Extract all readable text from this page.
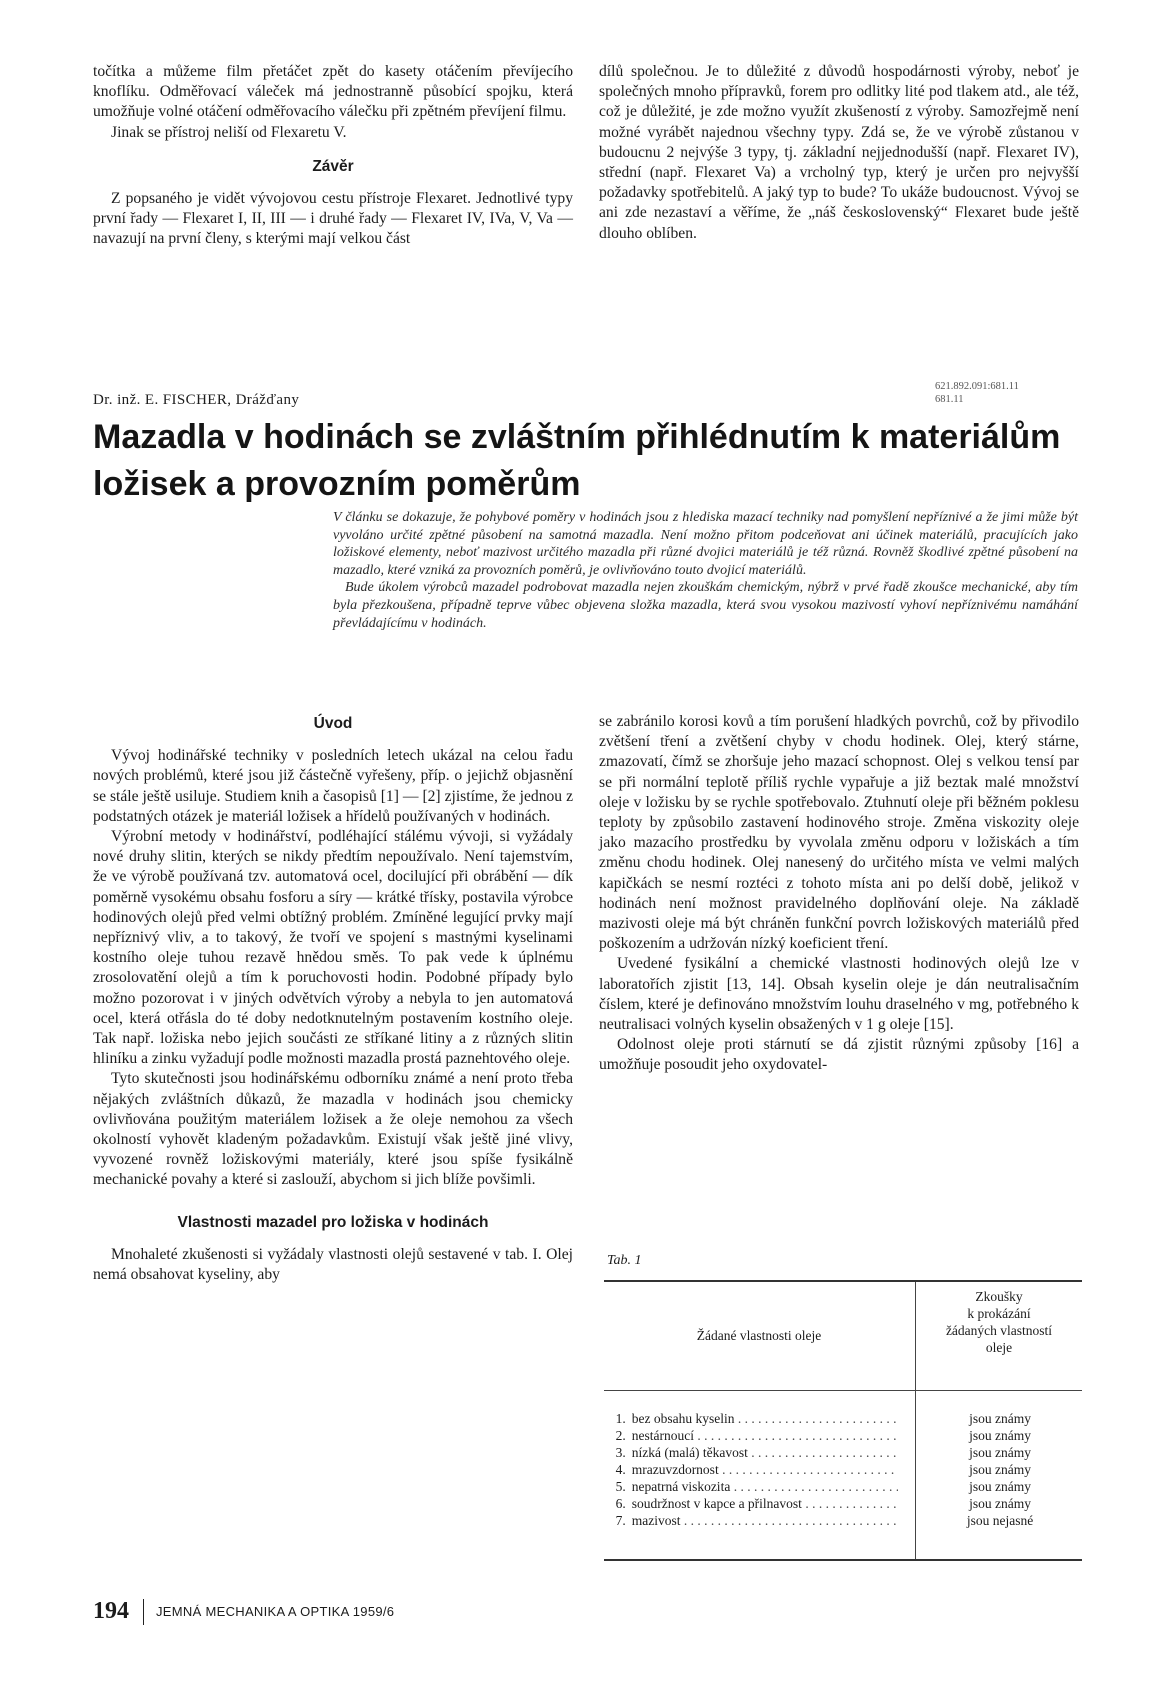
točítka a můžeme film přetáčet zpět do kasety otáčením převíjecího knoflíku. Odměřovací váleček má jednostranně působící spojku, která umožňuje volné otáčení odměřovacího válečku při zpětném převíjení filmu.

Jinak se přístroj neliší od Flexaretu V.

Závěr

Z popsaného je vidět vývojovou cestu přístroje Flexaret. Jednotlivé typy první řady — Flexaret I, II, III — i druhé řady — Flexaret IV, IVa, V, Va — navazují na první členy, s kterými mají velkou část

dílů společnou. Je to důležité z důvodů hospodárnosti výroby, neboť je společných mnoho přípravků, forem pro odlitky lité pod tlakem atd., ale též, což je důležité, je zde možno využít zkušeností z výroby. Samozřejmě není možné vyrábět najednou všechny typy. Zdá se, že ve výrobě zůstanou v budoucnu 2 nejvýše 3 typy, tj. základní nejjednodušší (např. Flexaret IV), střední (např. Flexaret Va) a vrcholný typ, který je určen pro nejvyšší požadavky spotřebitelů. A jaký typ to bude? To ukáže budoucnost. Vývoj se ani zde nezastaví a věříme, že „náš československý“ Flexaret bude ještě dlouho oblíben.

Dr. inž. E. FISCHER, Drážďany
621.892.091:681.11
681.11
Mazadla v hodinách se zvláštním přihlédnutím k materiálům ložisek a provozním poměrům

V článku se dokazuje, že pohybové poměry v hodinách jsou z hlediska mazací techniky nad pomyšlení nepříznivé a že jimi může být vyvoláno určité zpětné působení na samotná mazadla. Není možno přitom podceňovat ani účinek materiálů, pracujících jako ložiskové elementy, neboť mazivost určitého mazadla při různé dvojici materiálů je též různá. Rovněž škodlivé zpětné působení na mazadlo, které vzniká za provozních poměrů, je ovlivňováno touto dvojicí materiálů.

Bude úkolem výrobců mazadel podrobovat mazadla nejen zkouškám chemickým, nýbrž v prvé řadě zkoušce mechanické, aby tím byla přezkoušena, případně teprve vůbec objevena složka mazadla, která svou vysokou mazivostí vyhoví nepříznivému namáhání převládajícímu v hodinách.

Úvod

Vývoj hodinářské techniky v posledních letech ukázal na celou řadu nových problémů, které jsou již částečně vyřešeny, příp. o jejichž objasnění se stále ještě usiluje. Studiem knih a časopisů [1] — [2] zjistíme, že jednou z podstatných otázek je materiál ložisek a hřídelů používaných v hodinách.

Výrobní metody v hodinářství, podléhající stálému vývoji, si vyžádaly nové druhy slitin, kterých se nikdy předtím nepoužívalo. Není tajemstvím, že ve výrobě používaná tzv. automatová ocel, docilující při obrábění — dík poměrně vysokému obsahu fosforu a síry — krátké třísky, postavila výrobce hodinových olejů před velmi obtížný problém. Zmíněné legující prvky mají nepříznivý vliv, a to takový, že tvoří ve spojení s mastnými kyselinami kostního oleje tuhou rezavě hnědou směs. To pak vede k úplnému zrosolovatění olejů a tím k poruchovosti hodin. Podobné případy bylo možno pozorovat i v jiných odvětvích výroby a nebyla to jen automatová ocel, která otřásla do té doby nedotknutelným postavením kostního oleje. Tak např. ložiska nebo jejich součásti ze stříkané litiny a z různých slitin hliníku a zinku vyžadují podle možnosti mazadla prostá paznehtového oleje.

Tyto skutečnosti jsou hodinářskému odborníku známé a není proto třeba nějakých zvláštních důkazů, že mazadla v hodinách jsou chemicky ovlivňována použitým materiálem ložisek a že oleje nemohou za všech okolností vyhovět kladeným požadavkům. Existují však ještě jiné vlivy, vyvozené rovněž ložiskovými materiály, které jsou spíše fysikálně mechanické povahy a které si zaslouží, abychom si jich blíže povšimli.

Vlastnosti mazadel pro ložiska v hodinách

Mnohaleté zkušenosti si vyžádaly vlastnosti olejů sestavené v tab. I. Olej nemá obsahovat kyseliny, aby

se zabránilo korosi kovů a tím porušení hladkých povrchů, což by přivodilo zvětšení tření a zvětšení chyby v chodu hodinek. Olej, který stárne, zmazovatí, čímž se zhoršuje jeho mazací schopnost. Olej s velkou tensí par se při normální teplotě příliš rychle vypařuje a již beztak malé množství oleje v ložisku by se rychle spotřebovalo. Ztuhnutí oleje při běžném poklesu teploty by způsobilo zastavení hodinového stroje. Změna viskozity oleje jako mazacího prostředku by vyvolala změnu odporu v ložiskách a tím změnu chodu hodinek. Olej nanesený do určitého místa ve velmi malých kapičkách se nesmí roztéci z tohoto místa ani po delší době, jelikož v hodinách není možnost pravidelného doplňování oleje. Na základě mazivosti oleje má být chráněn funkční povrch ložiskových materiálů před poškozením a udržován nízký koeficient tření.

Uvedené fysikální a chemické vlastnosti hodinových olejů lze v laboratořích zjistit [13, 14]. Obsah kyselin oleje je dán neutralisačním číslem, které je definováno množstvím louhu draselného v mg, potřebného k neutralisaci volných kyselin obsažených v 1 g oleje [15].

Odolnost oleje proti stárnutí se dá zjistit různými způsoby [16] a umožňuje posoudit jeho oxydovatel-

Tab. 1
Žádané vlastnosti oleje
Zkoušky
k prokázání
žádaných vlastností
oleje
1. bez obsahu kyselin . . .	jsou známy
2. nestárnoucí . . .	jsou známy
3. nízká (malá) těkavost . . .	jsou známy
4. mrazuvzdornost . . .	jsou známy
5. nepatrná viskozita . . .	jsou známy
6. soudržnost v kapce a přilnavost . . .	jsou známy
7. mazivost . . .	jsou nejasné
194 JEMNÁ MECHANIKA A OPTIKA 1959/6
